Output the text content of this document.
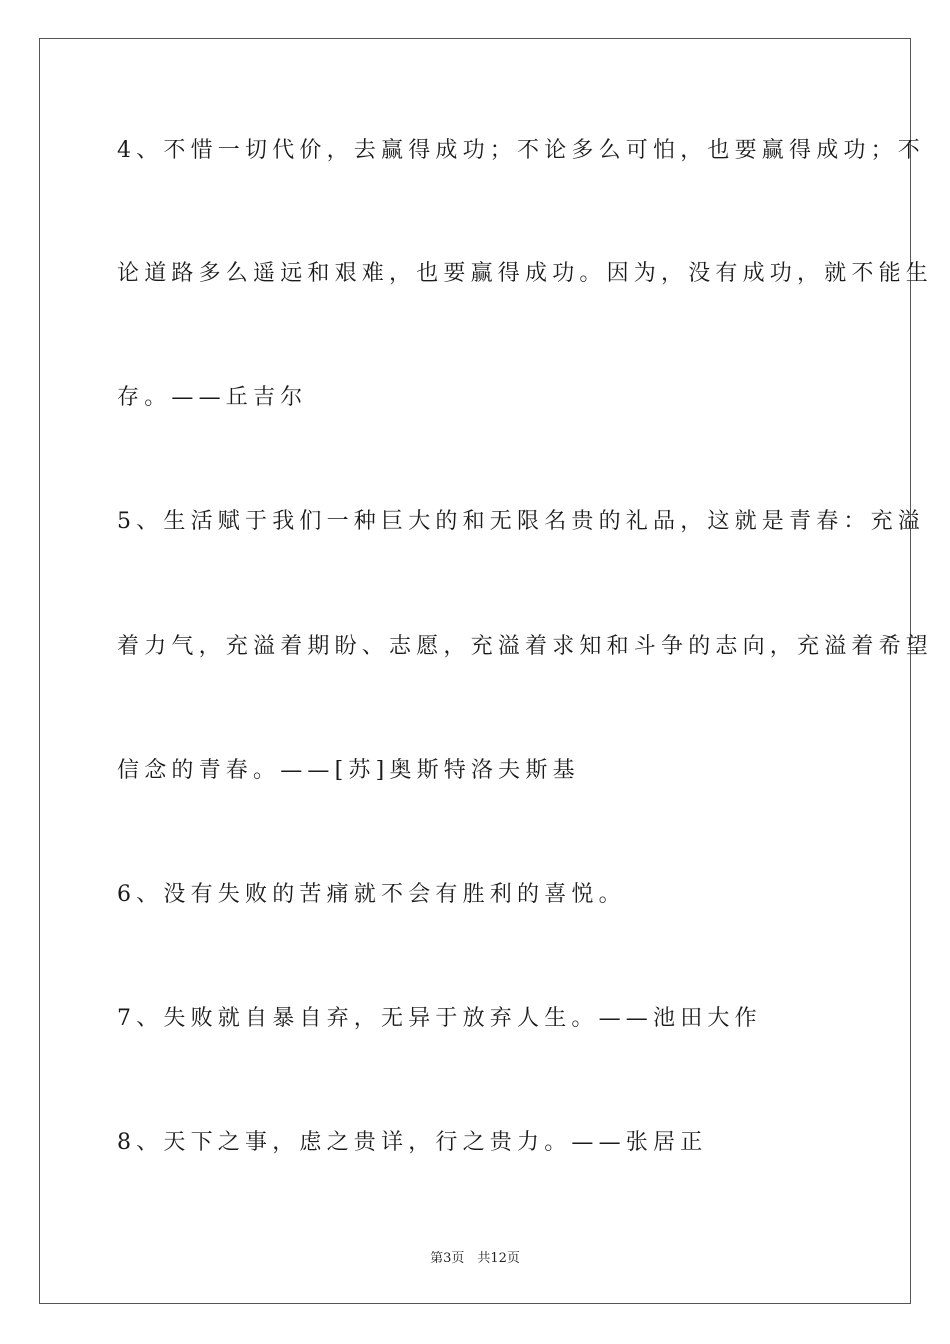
4、不惜一切代价，去赢得成功；不论多么可怕，也要赢得成功；不
论道路多么遥远和艰难，也要赢得成功。因为，没有成功，就不能生
存。——丘吉尔
5、生活赋于我们一种巨大的和无限名贵的礼品，这就是青春：充溢
着力气，充溢着期盼、志愿，充溢着求知和斗争的志向，充溢着希望
信念的青春。——[苏]奥斯特洛夫斯基
6、没有失败的苦痛就不会有胜利的喜悦。
7、失败就自暴自弃，无异于放弃人生。——池田大作
8、天下之事，虑之贵详，行之贵力。——张居正
第3页　共12页
